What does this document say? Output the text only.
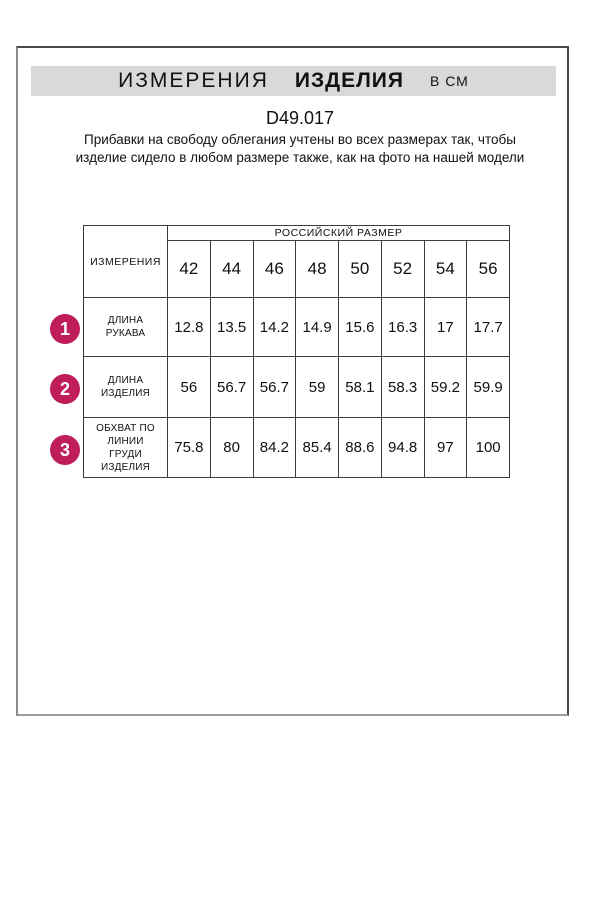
ИЗМЕРЕНИЯ ИЗДЕЛИЯ В СМ
D49.017
Прибавки на свободу облегания учтены во всех размерах так, чтобы изделие сидело в любом размере также, как на фото на нашей модели
ИЗМЕРЕНИЯ	РОССИЙСКИЙ РАЗМЕР							
	42	44	46	48	50	52	54	56
ДЛИНА РУКАВА	12.8	13.5	14.2	14.9	15.6	16.3	17	17.7
ДЛИНА ИЗДЕЛИЯ	56	56.7	56.7	59	58.1	58.3	59.2	59.9
ОБХВАТ ПО ЛИНИИ ГРУДИ ИЗДЕЛИЯ	75.8	80	84.2	85.4	88.6	94.8	97	100
1
2
3
